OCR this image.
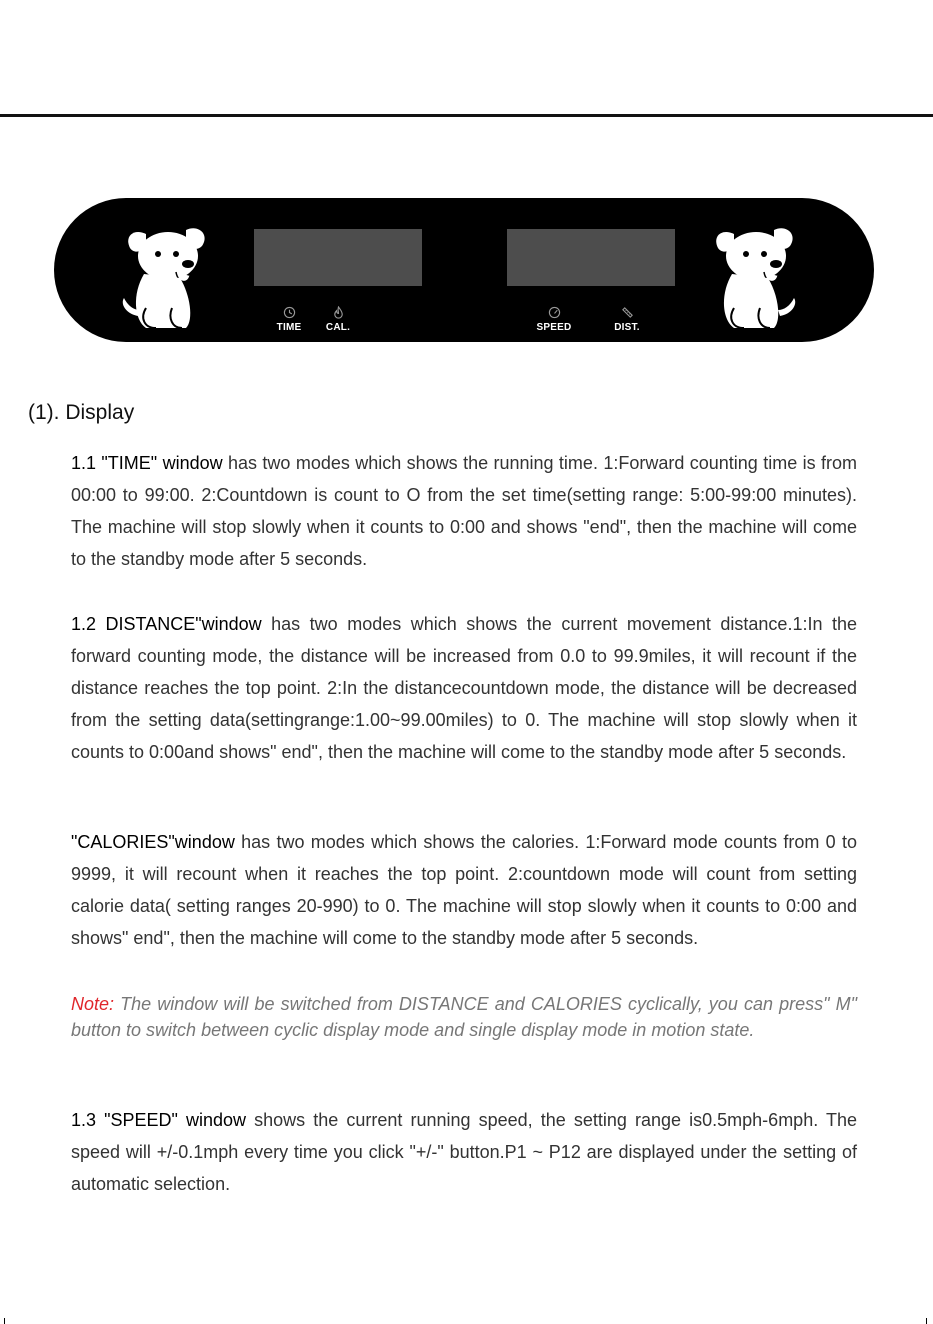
TIME	CAL.	SPEED	DIST.
(1). Display

1.1 "TIME" window has two modes which shows the running time. 1:Forward counting time is from 00:00 to 99:00. 2:Countdown is count to O from the set time(setting range: 5:00-99:00 minutes). The machine will stop slowly when it counts to 0:00 and shows "end", then the machine will come to the standby mode after 5 seconds.

1.2 DISTANCE"window has two modes which shows the current movement distance.1:In the forward counting mode, the distance will be increased from 0.0 to 99.9miles, it will recount if the distance reaches the top point. 2:In the distancecountdown mode, the distance will be decreased from the setting data(settingrange:1.00~99.00miles) to 0. The machine will stop slowly when it counts to 0:00and shows" end", then the machine will come to the standby mode after 5 seconds.

"CALORIES"window has two modes which shows the calories. 1:Forward mode counts from 0 to 9999, it will recount when it reaches the top point. 2:countdown mode will count from setting calorie data( setting ranges 20-990) to 0. The machine will stop slowly when it counts to 0:00 and shows" end", then the machine will come to the standby mode after 5 seconds.

Note: The window will be switched from DISTANCE and CALORIES cyclically, you can press" M" button to switch between cyclic display mode and single display mode in motion state.

1.3 "SPEED" window shows the current running speed, the setting range is0.5mph-6mph. The speed will +/-0.1mph every time you click "+/-" button.P1 ~ P12 are displayed under the setting of automatic selection.
